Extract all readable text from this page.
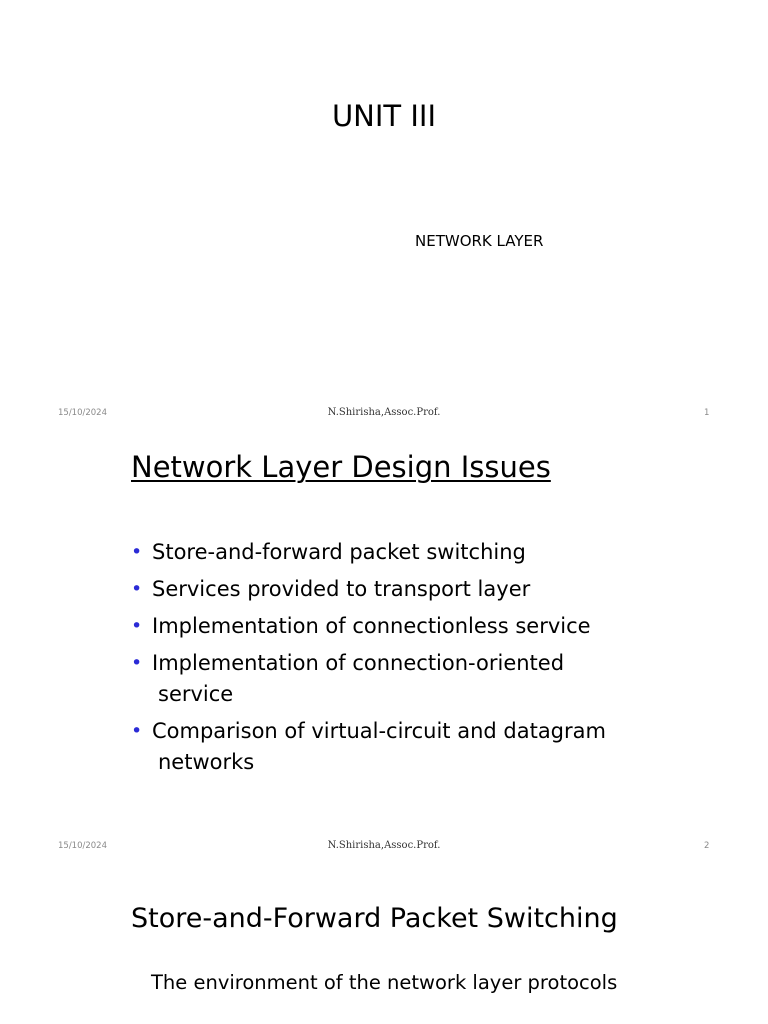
UNIT III
NETWORK LAYER
15/10/2024	N.Shirisha,Assoc.Prof.	1
Network Layer Design Issues
• Store-and-forward packet switching
• Services provided to transport layer
• Implementation of connectionless service
• Implementation of connection-oriented
service
• Comparison of virtual-circuit and datagram
networks
15/10/2024	N.Shirisha,Assoc.Prof.	2
Store-and-Forward Packet Switching
The environment of the network layer protocols
